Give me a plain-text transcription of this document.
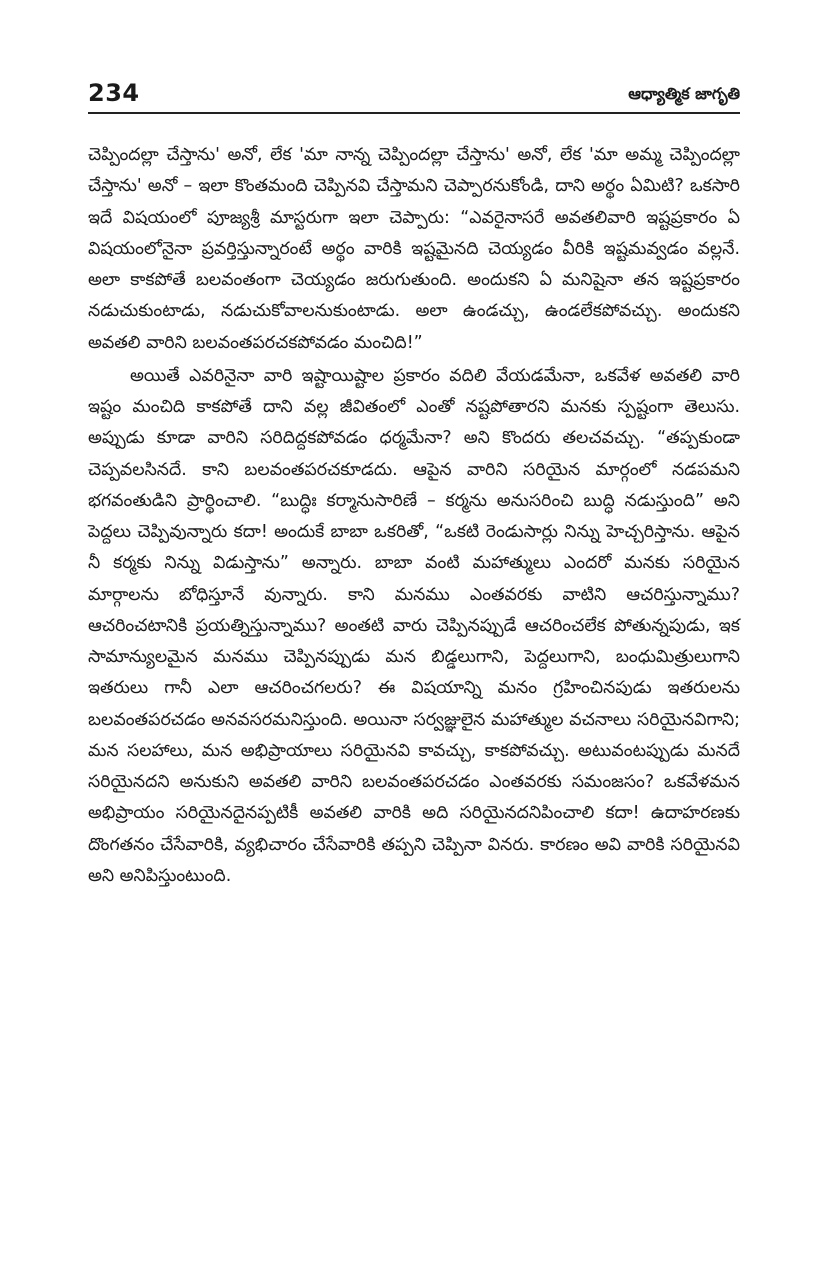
234	ఆధ్యాత్మిక జాగృతి

చెప్పిందల్లా చేస్తాను' అనో, లేక 'మా నాన్న చెప్పిందల్లా చేస్తాను' అనో, లేక 'మా అమ్మ చెప్పిందల్లా చేస్తాను' అనో – ఇలా కొంతమంది చెప్పినవి చేస్తామని చెప్పారనుకోండి, దాని అర్థం ఏమిటి? ఒకసారి ఇదే విషయంలో పూజ్యశ్రీ మాస్టరుగా ఇలా చెప్పారు: “ఎవరైనాసరే అవతలివారి ఇష్టప్రకారం ఏ విషయంలోనైనా ప్రవర్తిస్తున్నారంటే అర్థం వారికి ఇష్టమైనది చెయ్యడం వీరికి ఇష్టమవ్వడం వల్లనే. అలా కాకపోతే బలవంతంగా చెయ్యడం జరుగుతుంది. అందుకని ఏ మనిషైనా తన ఇష్టప్రకారం నడుచుకుంటాడు, నడుచుకోవాలనుకుంటాడు. అలా ఉండచ్చు, ఉండలేకపోవచ్చు. అందుకని అవతలి వారిని బలవంతపరచకపోవడం మంచిది!”

అయితే ఎవరినైనా వారి ఇష్టాయిష్టాల ప్రకారం వదిలి వేయడమేనా, ఒకవేళ అవతలి వారి ఇష్టం మంచిది కాకపోతే దాని వల్ల జీవితంలో ఎంతో నష్టపోతారని మనకు స్పష్టంగా తెలుసు. అప్పుడు కూడా వారిని సరిదిద్దకపోవడం ధర్మమేనా? అని కొందరు తలచవచ్చు. “తప్పకుండా చెప్పవలసినదే. కాని బలవంతపరచకూడదు. ఆపైన వారిని సరియైన మార్గంలో నడపమని భగవంతుడిని ప్రార్థించాలి. “బుద్ధిః కర్మానుసారిణే – కర్మను అనుసరించి బుద్ధి నడుస్తుంది” అని పెద్దలు చెప్పివున్నారు కదా! అందుకే బాబా ఒకరితో, “ఒకటి రెండుసార్లు నిన్ను హెచ్చరిస్తాను. ఆపైన నీ కర్మకు నిన్ను విడుస్తాను” అన్నారు. బాబా వంటి మహాత్ములు ఎందరో మనకు సరియైన మార్గాలను బోధిస్తూనే వున్నారు. కాని మనము ఎంతవరకు వాటిని ఆచరిస్తున్నాము? ఆచరించటానికి ప్రయత్నిస్తున్నాము? అంతటి వారు చెప్పినప్పుడే ఆచరించలేక పోతున్నపుడు, ఇక సామాన్యులమైన మనము చెప్పినప్పుడు మన బిడ్డలుగాని, పెద్దలుగాని, బంధుమిత్రులుగాని ఇతరులు గానీ ఎలా ఆచరించగలరు? ఈ విషయాన్ని మనం గ్రహించినపుడు ఇతరులను బలవంతపరచడం అనవసరమనిస్తుంది. అయినా సర్వజ్ఞులైన మహాత్ముల వచనాలు సరియైనవిగాని; మన సలహాలు, మన అభిప్రాయాలు సరియైనవి కావచ్చు, కాకపోవచ్చు. అటువంటప్పుడు మనదే సరియైనదని అనుకుని అవతలి వారిని బలవంతపరచడం ఎంతవరకు సమంజసం? ఒకవేళమన అభిప్రాయం సరియైనదైనప్పటికీ అవతలి వారికి అది సరియైనదనిపించాలి కదా! ఉదాహరణకు దొంగతనం చేసేవారికి, వ్యభిచారం చేసేవారికి తప్పని చెప్పినా వినరు. కారణం అవి వారికి సరియైనవి అని అనిపిస్తుంటుంది.
